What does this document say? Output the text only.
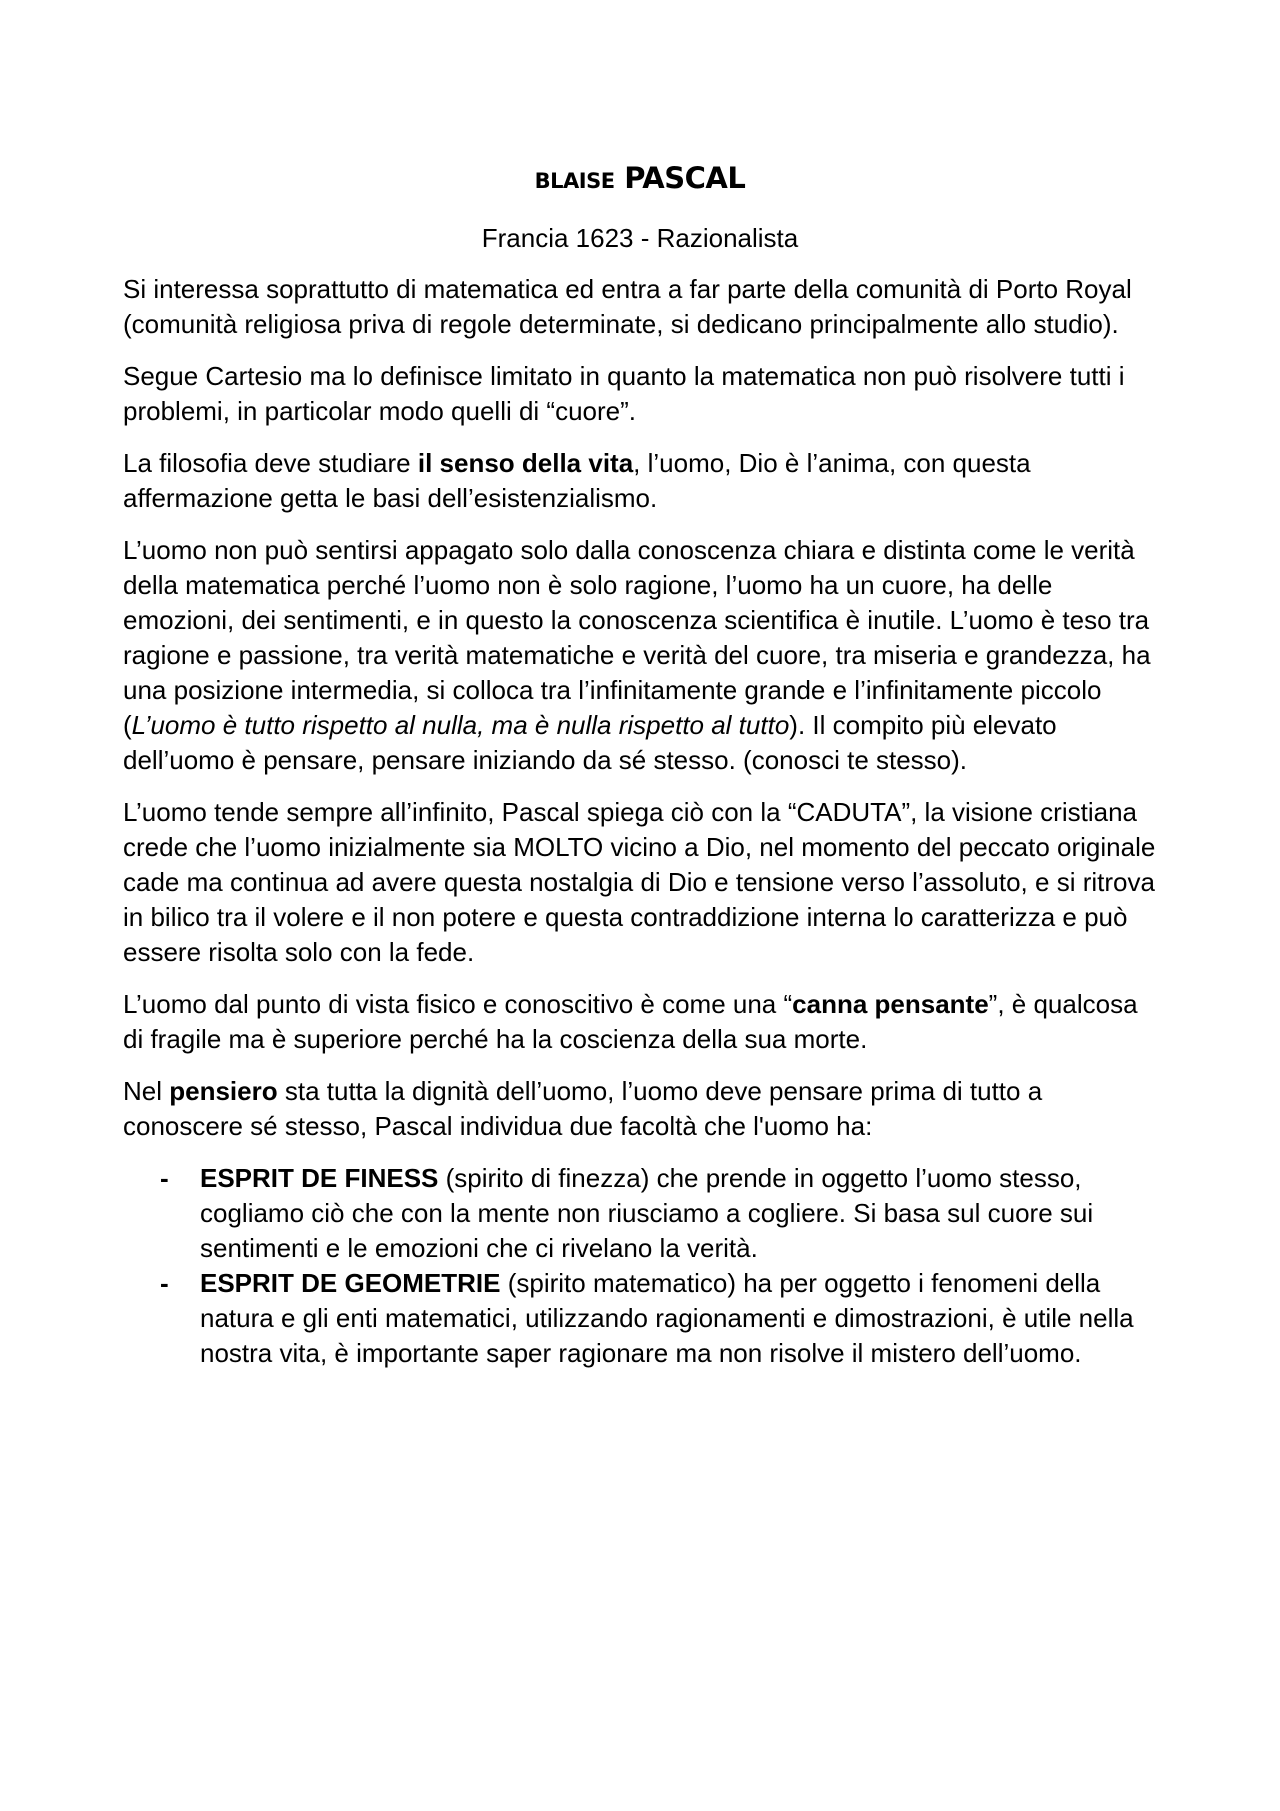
BLAISE PASCAL
Francia 1623 - Razionalista

Si interessa soprattutto di matematica ed entra a far parte della comunità di Porto Royal (comunità religiosa priva di regole determinate, si dedicano principalmente allo studio).

Segue Cartesio ma lo definisce limitato in quanto la matematica non può risolvere tutti i problemi, in particolar modo quelli di “cuore”.

La filosofia deve studiare il senso della vita, l’uomo, Dio è l’anima, con questa affermazione getta le basi dell’esistenzialismo.

L’uomo non può sentirsi appagato solo dalla conoscenza chiara e distinta come le verità della matematica perché l’uomo non è solo ragione, l’uomo ha un cuore, ha delle emozioni, dei sentimenti, e in questo la conoscenza scientifica è inutile. L’uomo è teso tra ragione e passione, tra verità matematiche e verità del cuore, tra miseria e grandezza, ha una posizione intermedia, si colloca tra l’infinitamente grande e l’infinitamente piccolo (L’uomo è tutto rispetto al nulla, ma è nulla rispetto al tutto). Il compito più elevato dell’uomo è pensare, pensare iniziando da sé stesso. (conosci te stesso).

L’uomo tende sempre all’infinito, Pascal spiega ciò con la “CADUTA”, la visione cristiana crede che l’uomo inizialmente sia MOLTO vicino a Dio, nel momento del peccato originale cade ma continua ad avere questa nostalgia di Dio e tensione verso l’assoluto, e si ritrova in bilico tra il volere e il non potere e questa contraddizione interna lo caratterizza e può essere risolta solo con la fede.

L’uomo dal punto di vista fisico e conoscitivo è come una “canna pensante”, è qualcosa di fragile ma è superiore perché ha la coscienza della sua morte.

Nel pensiero sta tutta la dignità dell’uomo, l’uomo deve pensare prima di tutto a conoscere sé stesso, Pascal individua due facoltà che l'uomo ha:

- ESPRIT DE FINESS (spirito di finezza) che prende in oggetto l’uomo stesso, cogliamo ciò che con la mente non riusciamo a cogliere. Si basa sul cuore sui sentimenti e le emozioni che ci rivelano la verità.
- ESPRIT DE GEOMETRIE (spirito matematico) ha per oggetto i fenomeni della natura e gli enti matematici, utilizzando ragionamenti e dimostrazioni, è utile nella nostra vita, è importante saper ragionare ma non risolve il mistero dell’uomo.
